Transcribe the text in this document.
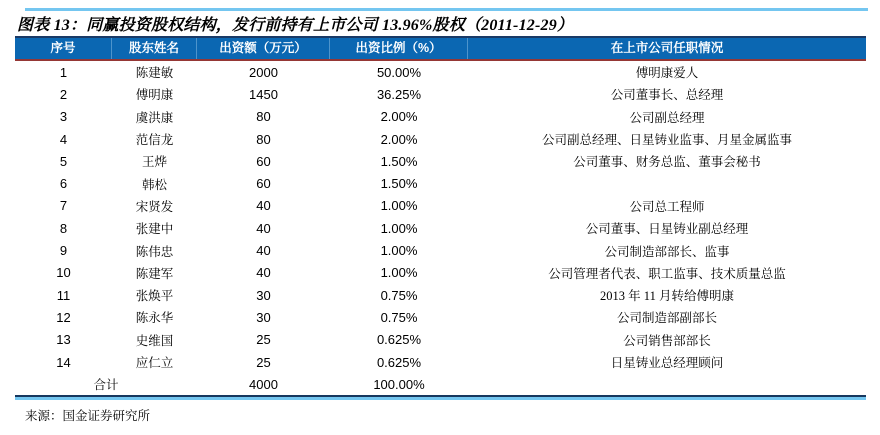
图表 13：同赢投资股权结构，发行前持有上市公司 13.96%股权（2011-12-29）
序号	股东姓名	出资额（万元）	出资比例（%）	在上市公司任职情况
1	陈建敏	2000	50.00%	傅明康爱人
2	傅明康	1450	36.25%	公司董事长、总经理
3	虞洪康	80	2.00%	公司副总经理
4	范信龙	80	2.00%	公司副总经理、日星铸业监事、月星金属监事
5	王烨	60	1.50%	公司董事、财务总监、董事会秘书
6	韩松	60	1.50%
7	宋贤发	40	1.00%	公司总工程师
8	张建中	40	1.00%	公司董事、日星铸业副总经理
9	陈伟忠	40	1.00%	公司制造部部长、监事
10	陈建军	40	1.00%	公司管理者代表、职工监事、技术质量总监
11	张焕平	30	0.75%	2013 年 11 月转给傅明康
12	陈永华	30	0.75%	公司制造部副部长
13	史维国	25	0.625%	公司销售部部长
14	应仁立	25	0.625%	日星铸业总经理顾问
合计	4000	100.00%
来源：国金证券研究所
